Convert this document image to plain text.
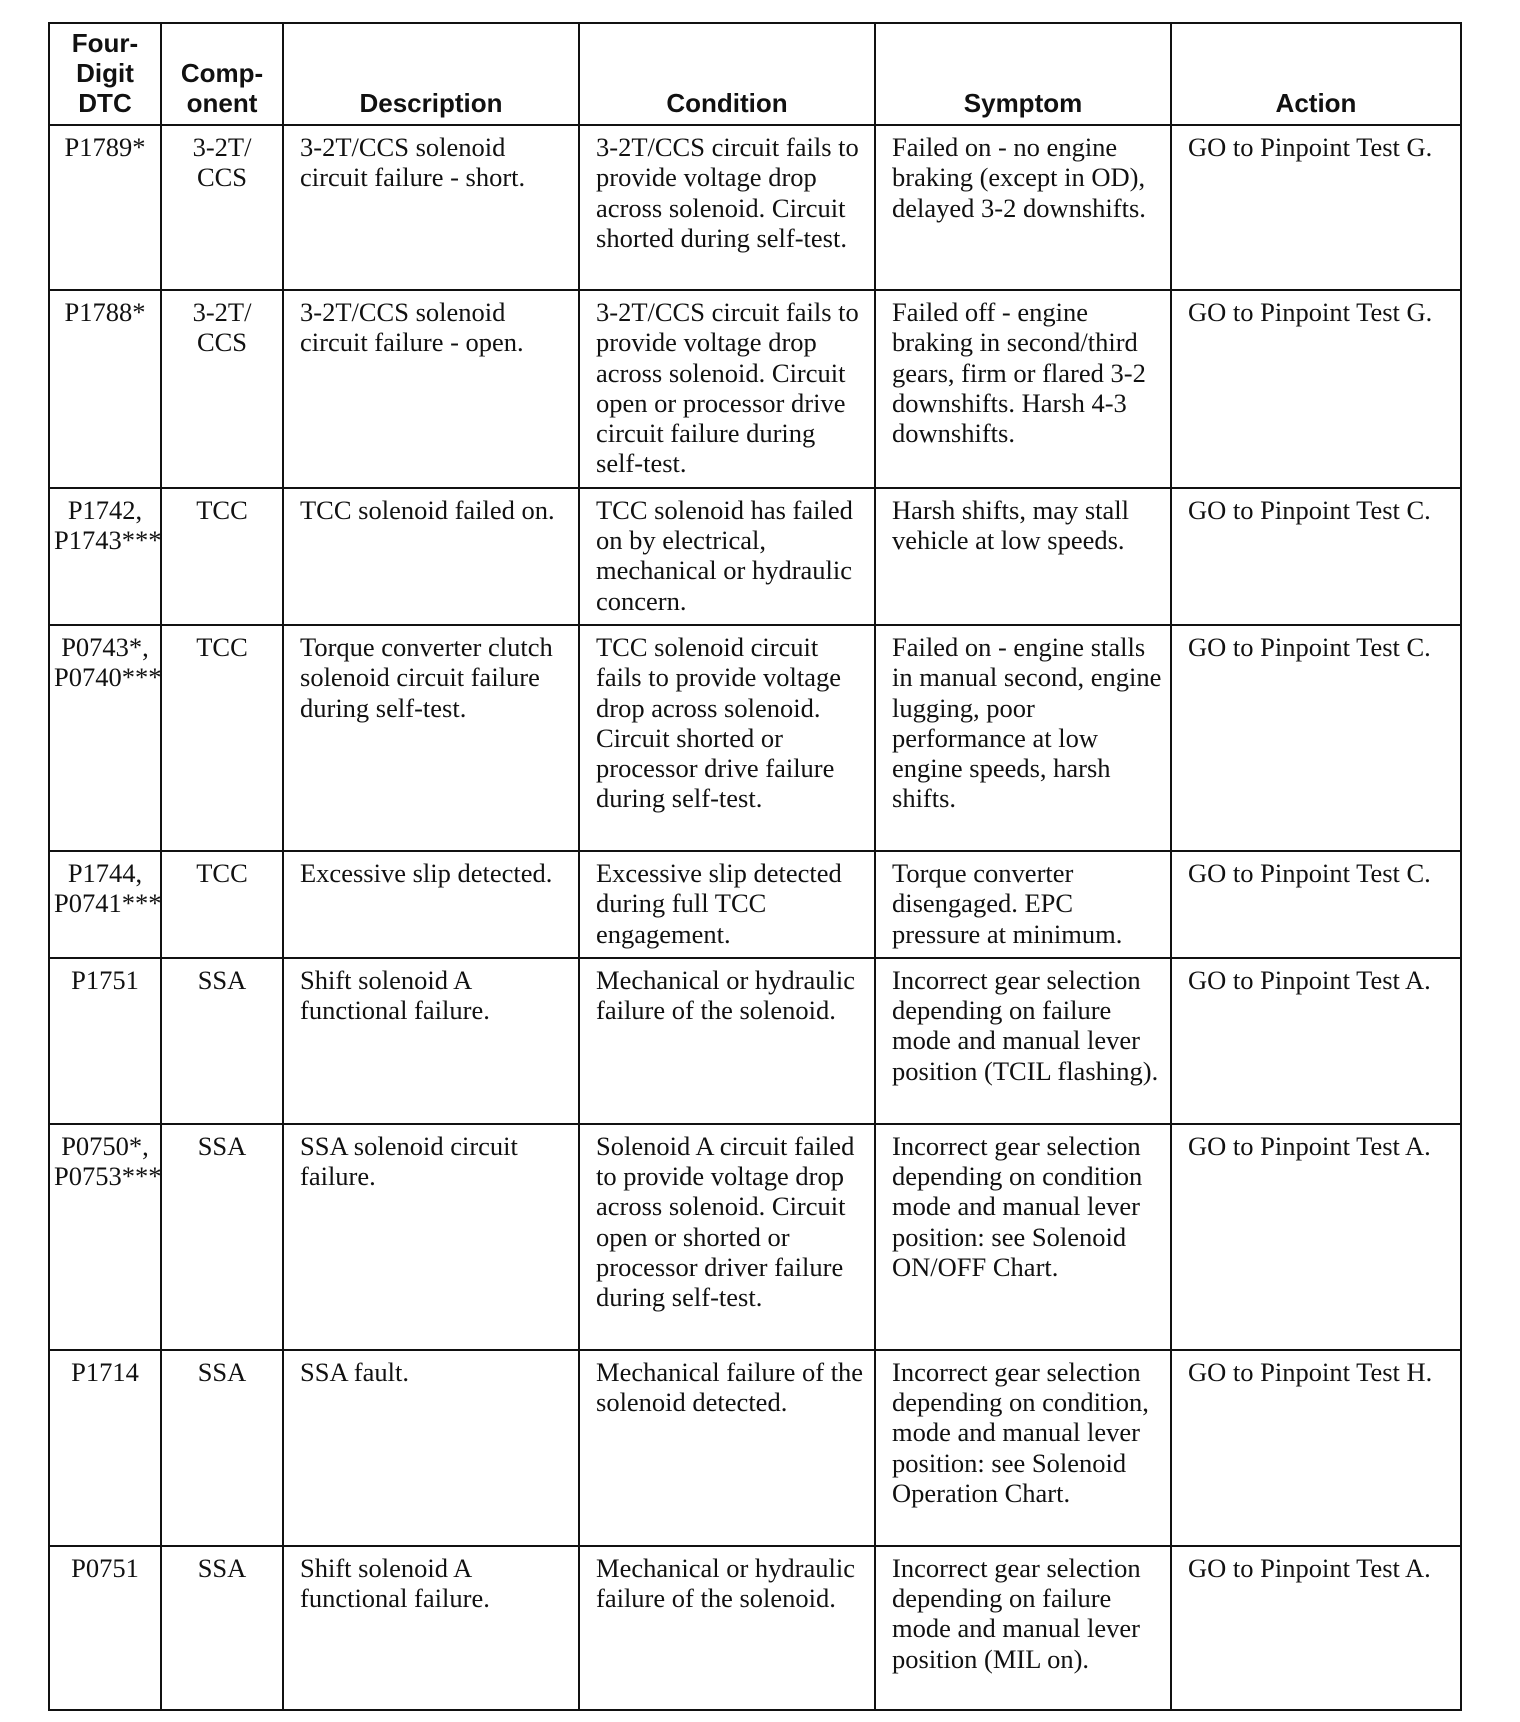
Four-
Digit
DTC	Comp-
onent	Description	Condition	Symptom	Action
P1789*	3-2T/
CCS	3-2T/CCS solenoid circuit failure - short.	3-2T/CCS circuit fails to provide voltage drop across solenoid. Circuit shorted during self-test.	Failed on - no engine braking (except in OD), delayed 3-2 downshifts.	GO to Pinpoint Test G.
P1788*	3-2T/
CCS	3-2T/CCS solenoid circuit failure - open.	3-2T/CCS circuit fails to provide voltage drop across solenoid. Circuit open or processor drive circuit failure during self-test.	Failed off - engine braking in second/third gears, firm or flared 3-2 downshifts. Harsh 4-3 downshifts.	GO to Pinpoint Test G.
P1742,
P1743***	TCC	TCC solenoid failed on.	TCC solenoid has failed on by electrical, mechanical or hydraulic concern.	Harsh shifts, may stall vehicle at low speeds.	GO to Pinpoint Test C.
P0743*,
P0740***	TCC	Torque converter clutch solenoid circuit failure during self-test.	TCC solenoid circuit fails to provide voltage drop across solenoid. Circuit shorted or processor drive failure during self-test.	Failed on - engine stalls in manual second, engine lugging, poor performance at low engine speeds, harsh shifts.	GO to Pinpoint Test C.
P1744,
P0741***	TCC	Excessive slip detected.	Excessive slip detected during full TCC engagement.	Torque converter disengaged. EPC pressure at minimum.	GO to Pinpoint Test C.
P1751	SSA	Shift solenoid A functional failure.	Mechanical or hydraulic failure of the solenoid.	Incorrect gear selection depending on failure mode and manual lever position (TCIL flashing).	GO to Pinpoint Test A.
P0750*,
P0753***	SSA	SSA solenoid circuit failure.	Solenoid A circuit failed to provide voltage drop across solenoid. Circuit open or shorted or processor driver failure during self-test.	Incorrect gear selection depending on condition mode and manual lever position: see Solenoid ON/OFF Chart.	GO to Pinpoint Test A.
P1714	SSA	SSA fault.	Mechanical failure of the solenoid detected.	Incorrect gear selection depending on condition, mode and manual lever position: see Solenoid Operation Chart.	GO to Pinpoint Test H.
P0751	SSA	Shift solenoid A functional failure.	Mechanical or hydraulic failure of the solenoid.	Incorrect gear selection depending on failure mode and manual lever position (MIL on).	GO to Pinpoint Test A.
